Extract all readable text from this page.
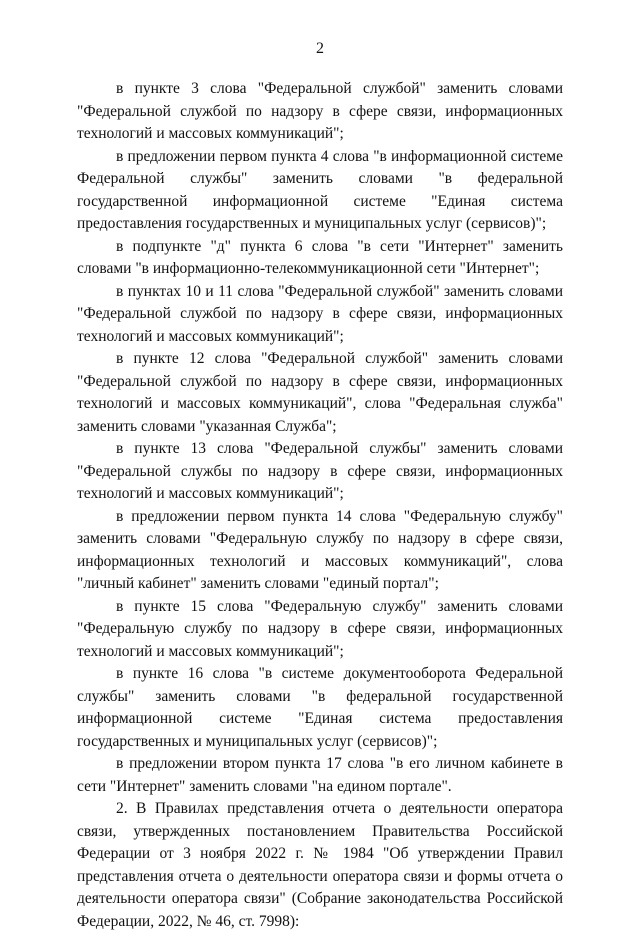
2

в пункте 3 слова "Федеральной службой" заменить словами "Федеральной службой по надзору в сфере связи, информационных технологий и массовых коммуникаций";

в предложении первом пункта 4 слова "в информационной системе Федеральной службы" заменить словами "в федеральной государственной информационной системе "Единая система предоставления государственных и муниципальных услуг (сервисов)";

в подпункте "д" пункта 6 слова "в сети "Интернет" заменить словами "в информационно-телекоммуникационной сети "Интернет";

в пунктах 10 и 11 слова "Федеральной службой" заменить словами "Федеральной службой по надзору в сфере связи, информационных технологий и массовых коммуникаций";

в пункте 12 слова "Федеральной службой" заменить словами "Федеральной службой по надзору в сфере связи, информационных технологий и массовых коммуникаций", слова "Федеральная служба" заменить словами "указанная Служба";

в пункте 13 слова "Федеральной службы" заменить словами "Федеральной службы по надзору в сфере связи, информационных технологий и массовых коммуникаций";

в предложении первом пункта 14 слова "Федеральную службу" заменить словами "Федеральную службу по надзору в сфере связи, информационных технологий и массовых коммуникаций", слова "личный кабинет" заменить словами "единый портал";

в пункте 15 слова "Федеральную службу" заменить словами "Федеральную службу по надзору в сфере связи, информационных технологий и массовых коммуникаций";

в пункте 16 слова "в системе документооборота Федеральной службы" заменить словами "в федеральной государственной информационной системе "Единая система предоставления государственных и муниципальных услуг (сервисов)";

в предложении втором пункта 17 слова "в его личном кабинете в сети "Интернет" заменить словами "на едином портале".

2. В Правилах представления отчета о деятельности оператора связи, утвержденных постановлением Правительства Российской Федерации от 3 ноября 2022 г. № 1984 "Об утверждении Правил представления отчета о деятельности оператора связи и формы отчета о деятельности оператора связи" (Собрание законодательства Российской Федерации, 2022, № 46, ст. 7998):
